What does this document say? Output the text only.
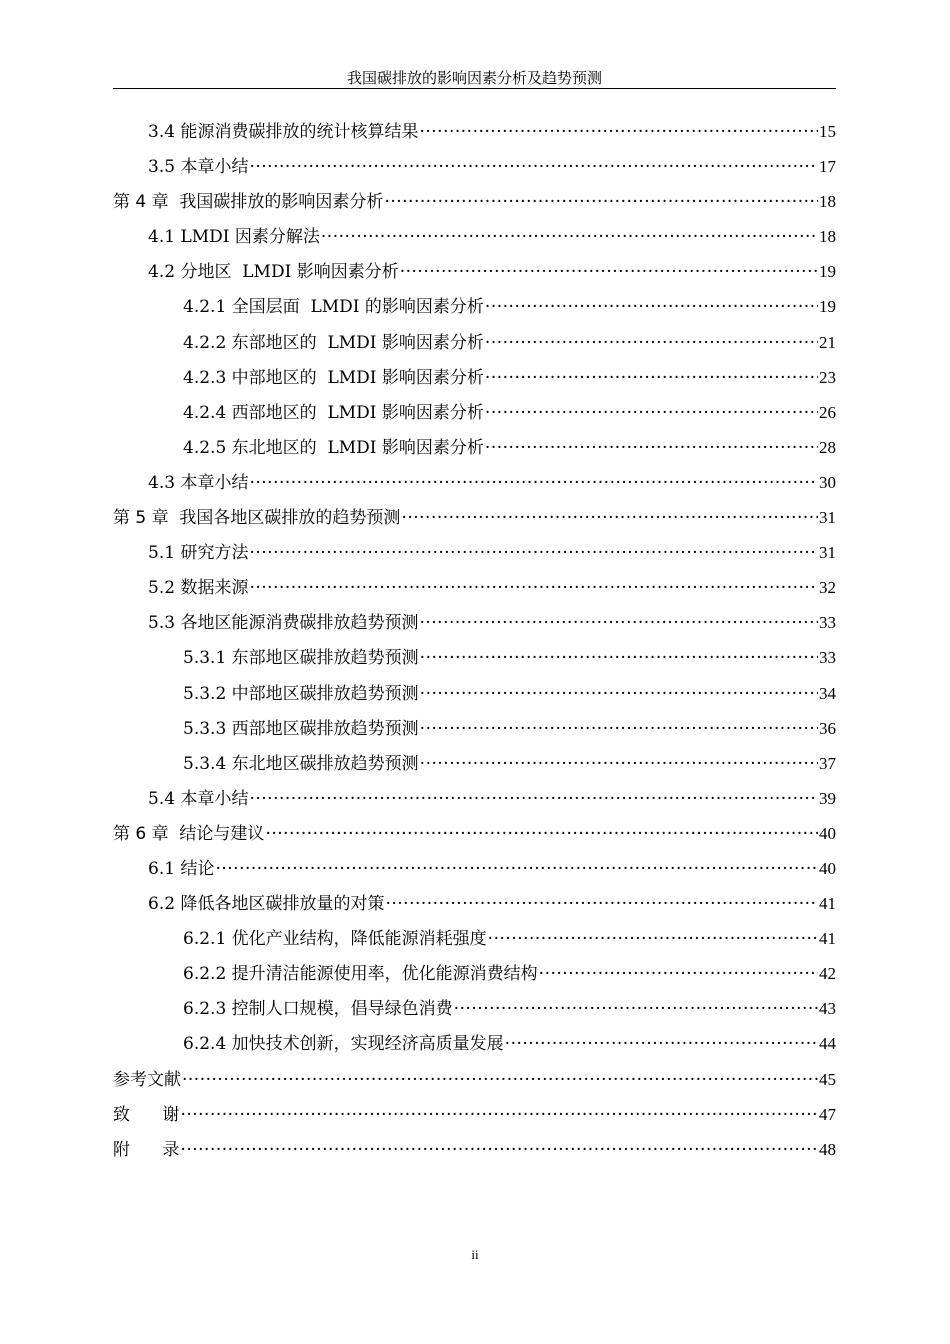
我国碳排放的影响因素分析及趋势预测
3.4 能源消费碳排放的统计核算结果 ·····	15
3.5 本章小结 ·····	17
第 4 章  我国碳排放的影响因素分析 ·····	18
4.1 LMDI 因素分解法 ·····	18
4.2 分地区  LMDI 影响因素分析 ·····	19
4.2.1 全国层面  LMDI 的影响因素分析 ·····	19
4.2.2 东部地区的  LMDI 影响因素分析 ·····	21
4.2.3 中部地区的  LMDI 影响因素分析 ·····	23
4.2.4 西部地区的  LMDI 影响因素分析 ·····	26
4.2.5 东北地区的  LMDI 影响因素分析 ·····	28
4.3 本章小结 ·····	30
第 5 章  我国各地区碳排放的趋势预测 ·····	31
5.1 研究方法 ·····	31
5.2 数据来源 ·····	32
5.3 各地区能源消费碳排放趋势预测 ·····	33
5.3.1 东部地区碳排放趋势预测 ·····	33
5.3.2 中部地区碳排放趋势预测 ·····	34
5.3.3 西部地区碳排放趋势预测 ·····	36
5.3.4 东北地区碳排放趋势预测 ·····	37
5.4 本章小结 ·····	39
第 6 章  结论与建议 ·····	40
6.1 结论 ·····	40
6.2 降低各地区碳排放量的对策 ·····	41
6.2.1 优化产业结构，降低能源消耗强度 ·····	41
6.2.2 提升清洁能源使用率，优化能源消费结构 ·····	42
6.2.3 控制人口规模，倡导绿色消费 ·····	43
6.2.4 加快技术创新，实现经济高质量发展 ·····	44
参考文献 ·····	45
致      谢 ·····	47
附      录 ·····	48
ii
